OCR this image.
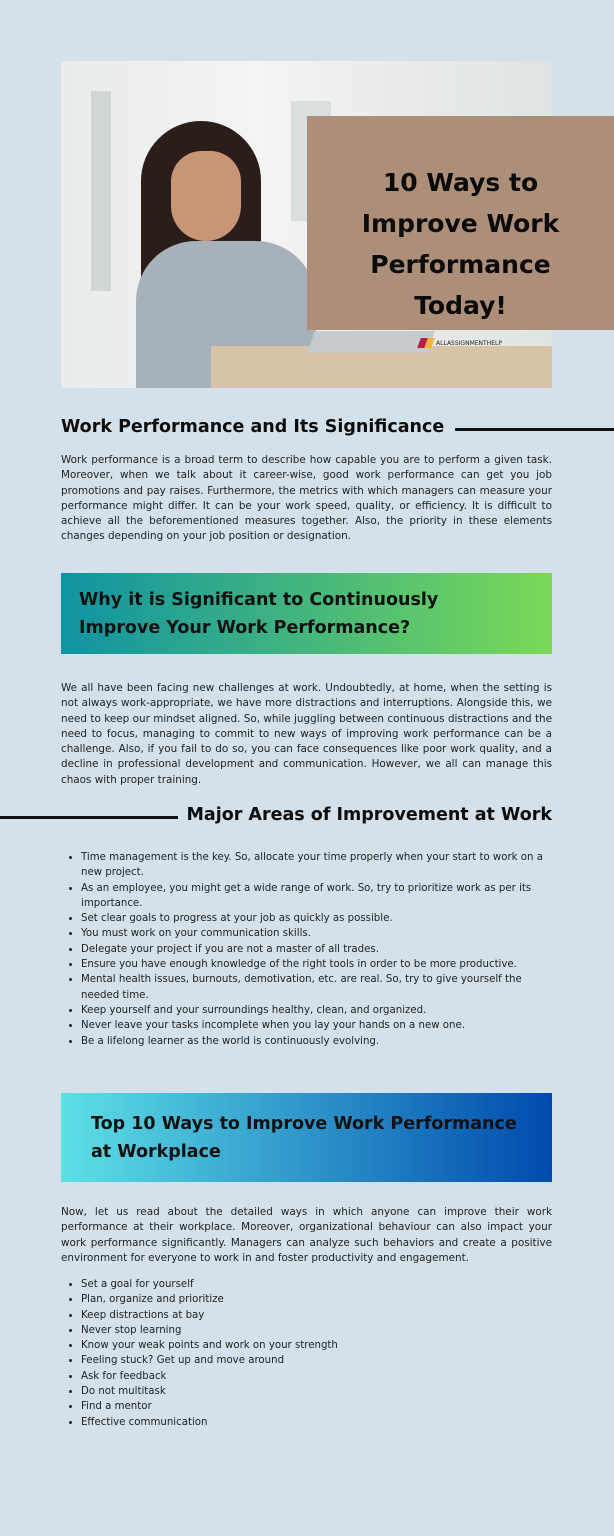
10 Ways to Improve Work Performance Today!
ALLASSIGNMENTHELP
Work Performance and Its Significance

Work performance is a broad term to describe how capable you are to perform a given task. Moreover, when we talk about it career-wise, good work performance can get you job promotions and pay raises. Furthermore, the metrics with which managers can measure your performance might differ. It can be your work speed, quality, or efficiency. It is difficult to achieve all the beforementioned measures together. Also, the priority in these elements changes depending on your job position or designation.

Why it is Significant to Continuously Improve Your Work Performance?

We all have been facing new challenges at work. Undoubtedly, at home, when the setting is not always work-appropriate, we have more distractions and interruptions. Alongside this, we need to keep our mindset aligned. So, while juggling between continuous distractions and the need to focus, managing to commit to new ways of improving work performance can be a challenge. Also, if you fail to do so, you can face consequences like poor work quality, and a decline in professional development and communication. However, we all can manage this chaos with proper training.

Major Areas of Improvement at Work
• Time management is the key. So, allocate your time properly when your start to work on a new project.
• As an employee, you might get a wide range of work. So, try to prioritize work as per its importance.
• Set clear goals to progress at your job as quickly as possible.
• You must work on your communication skills.
• Delegate your project if you are not a master of all trades.
• Ensure you have enough knowledge of the right tools in order to be more productive.
• Mental health issues, burnouts, demotivation, etc. are real. So, try to give yourself the needed time.
• Keep yourself and your surroundings healthy, clean, and organized.
• Never leave your tasks incomplete when you lay your hands on a new one.
• Be a lifelong learner as the world is continuously evolving.
Top 10 Ways to Improve Work Performance at Workplace

Now, let us read about the detailed ways in which anyone can improve their work performance at their workplace. Moreover, organizational behaviour can also impact your work performance significantly. Managers can analyze such behaviors and create a positive environment for everyone to work in and foster productivity and engagement.

• Set a goal for yourself
• Plan, organize and prioritize
• Keep distractions at bay
• Never stop learning
• Know your weak points and work on your strength
• Feeling stuck? Get up and move around
• Ask for feedback
• Do not multitask
• Find a mentor
• Effective communication
